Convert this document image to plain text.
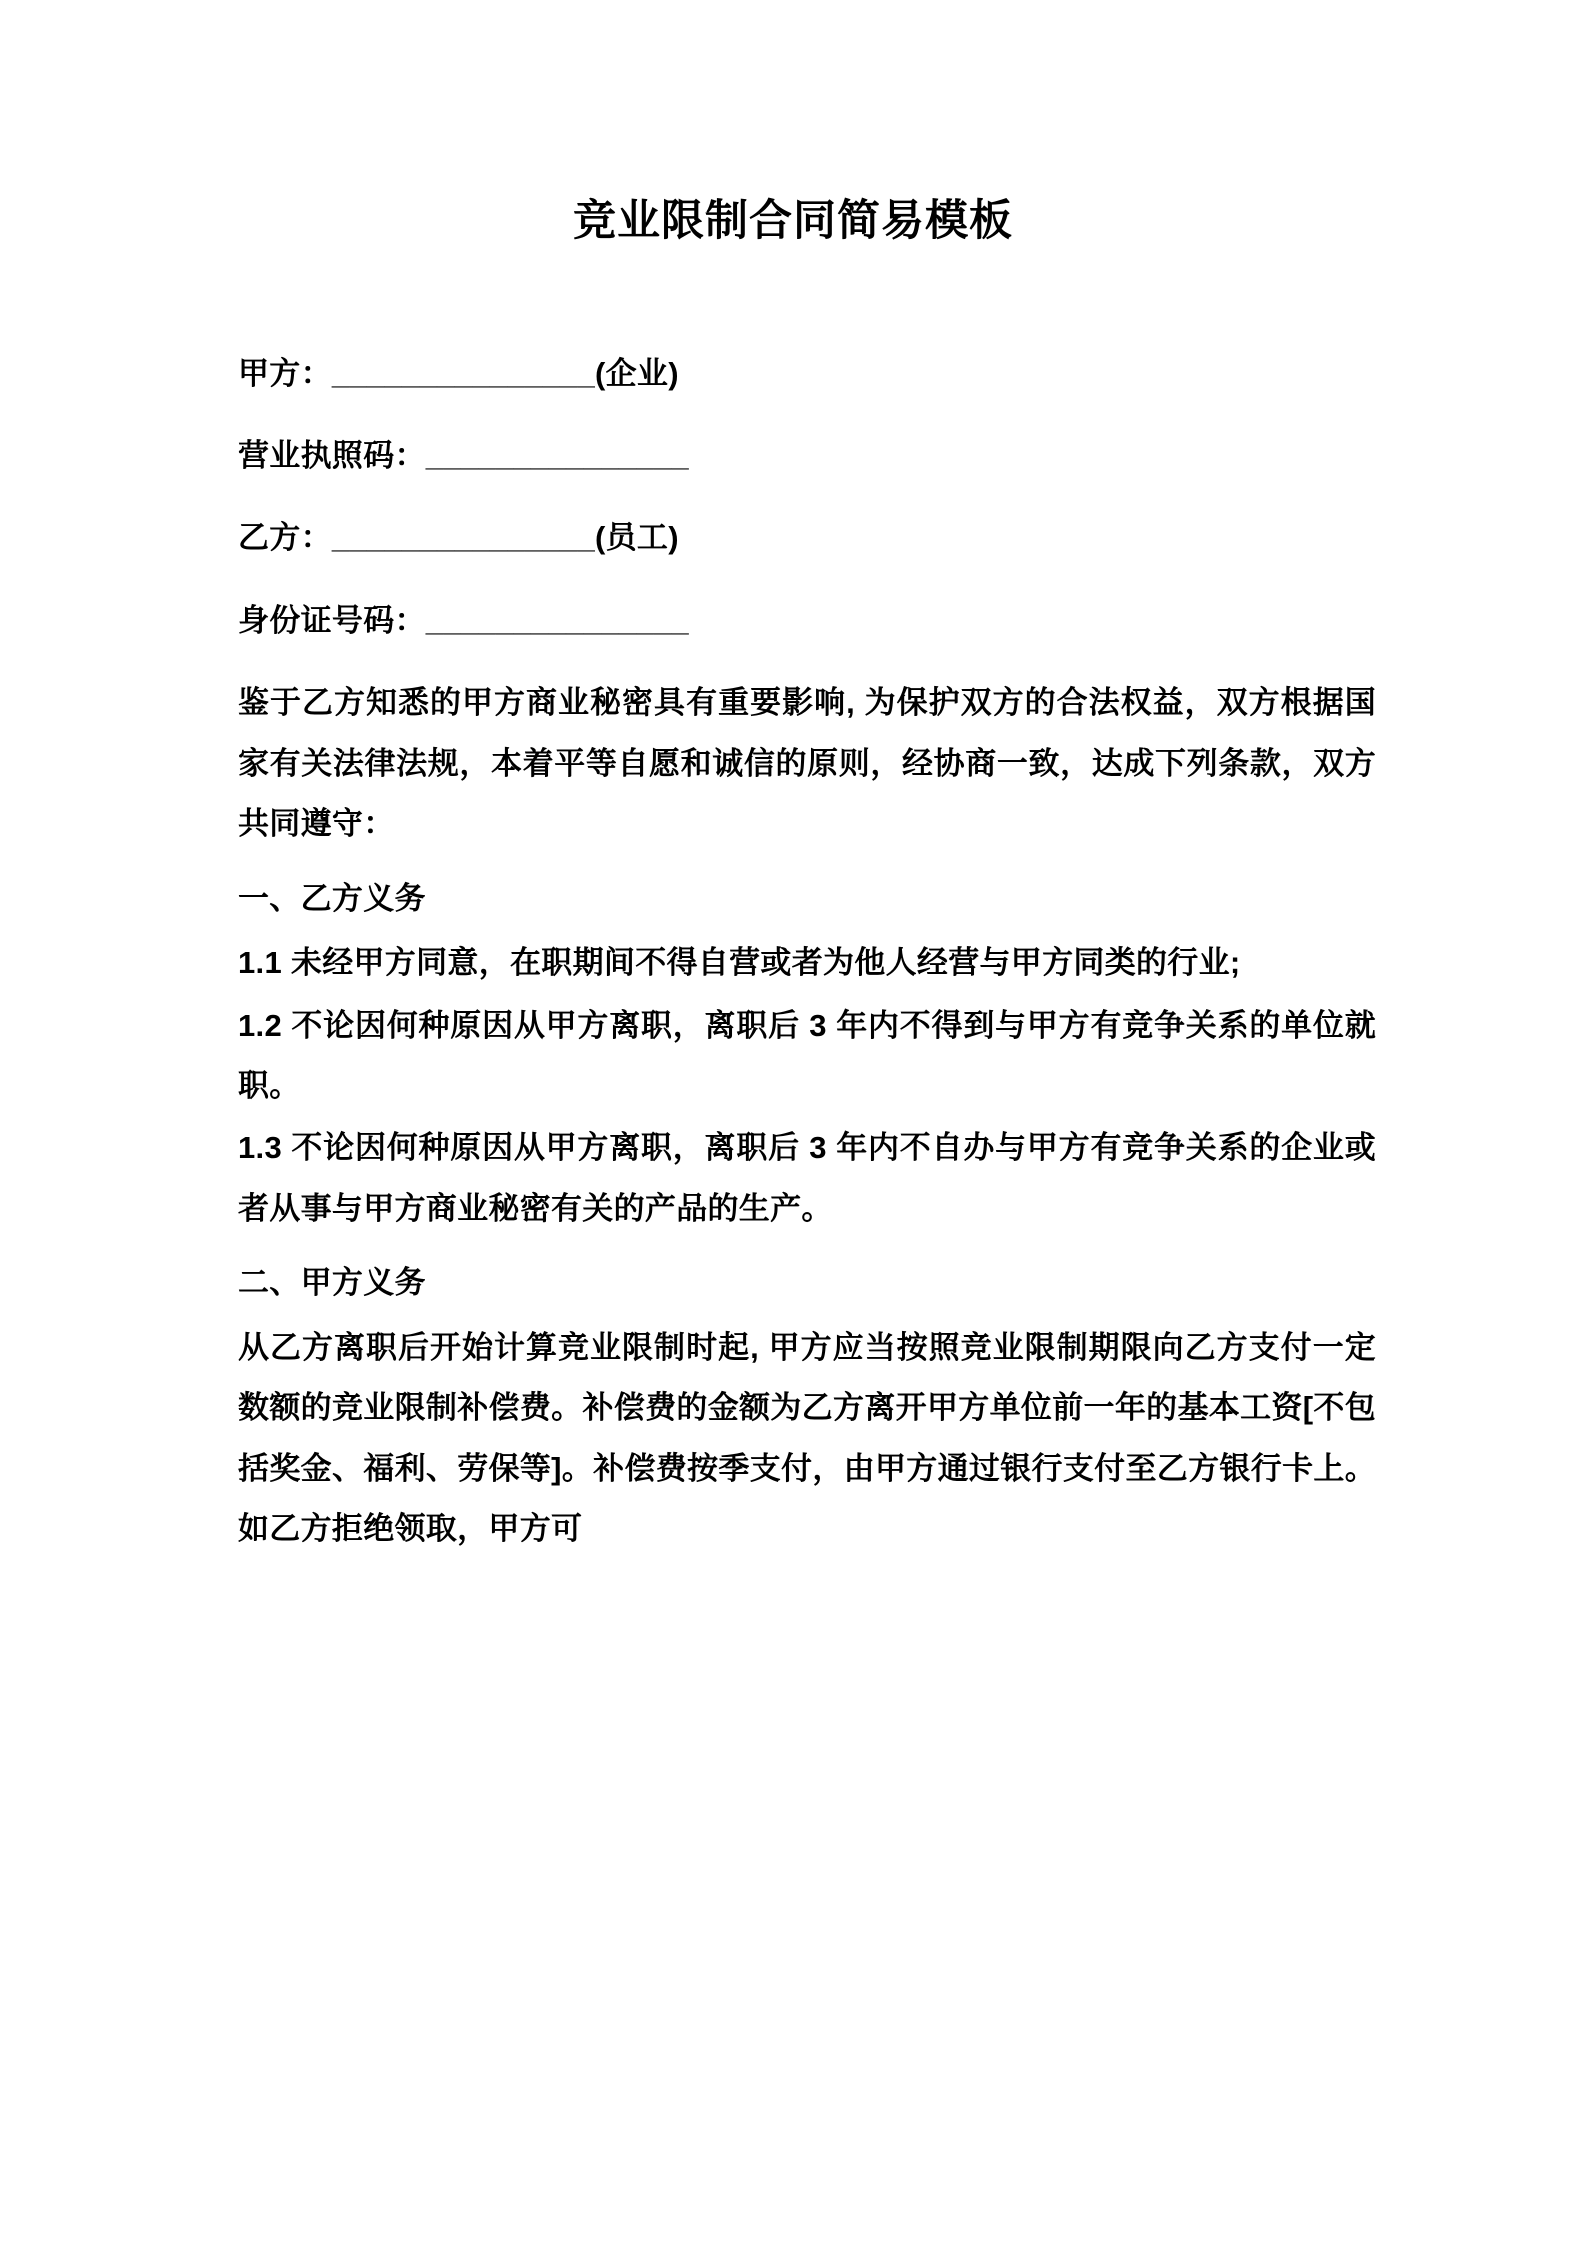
竞业限制合同简易模板

甲方：_______________(企业)

营业执照码：_______________

乙方：_______________(员工)

身份证号码：_______________

鉴于乙方知悉的甲方商业秘密具有重要影响, 为保护双方的合法权益，双方根据国家有关法律法规，本着平等自愿和诚信的原则，经协商一致，达成下列条款，双方共同遵守：

一、乙方义务

1.1 未经甲方同意，在职期间不得自营或者为他人经营与甲方同类的行业;

1.2 不论因何种原因从甲方离职，离职后 3 年内不得到与甲方有竞争关系的单位就职。

1.3 不论因何种原因从甲方离职，离职后 3 年内不自办与甲方有竞争关系的企业或者从事与甲方商业秘密有关的产品的生产。

二、甲方义务

从乙方离职后开始计算竞业限制时起, 甲方应当按照竞业限制期限向乙方支付一定数额的竞业限制补偿费。补偿费的金额为乙方离开甲方单位前一年的基本工资[不包括奖金、福利、劳保等]。补偿费按季支付，由甲方通过银行支付至乙方银行卡上。如乙方拒绝领取，甲方可
